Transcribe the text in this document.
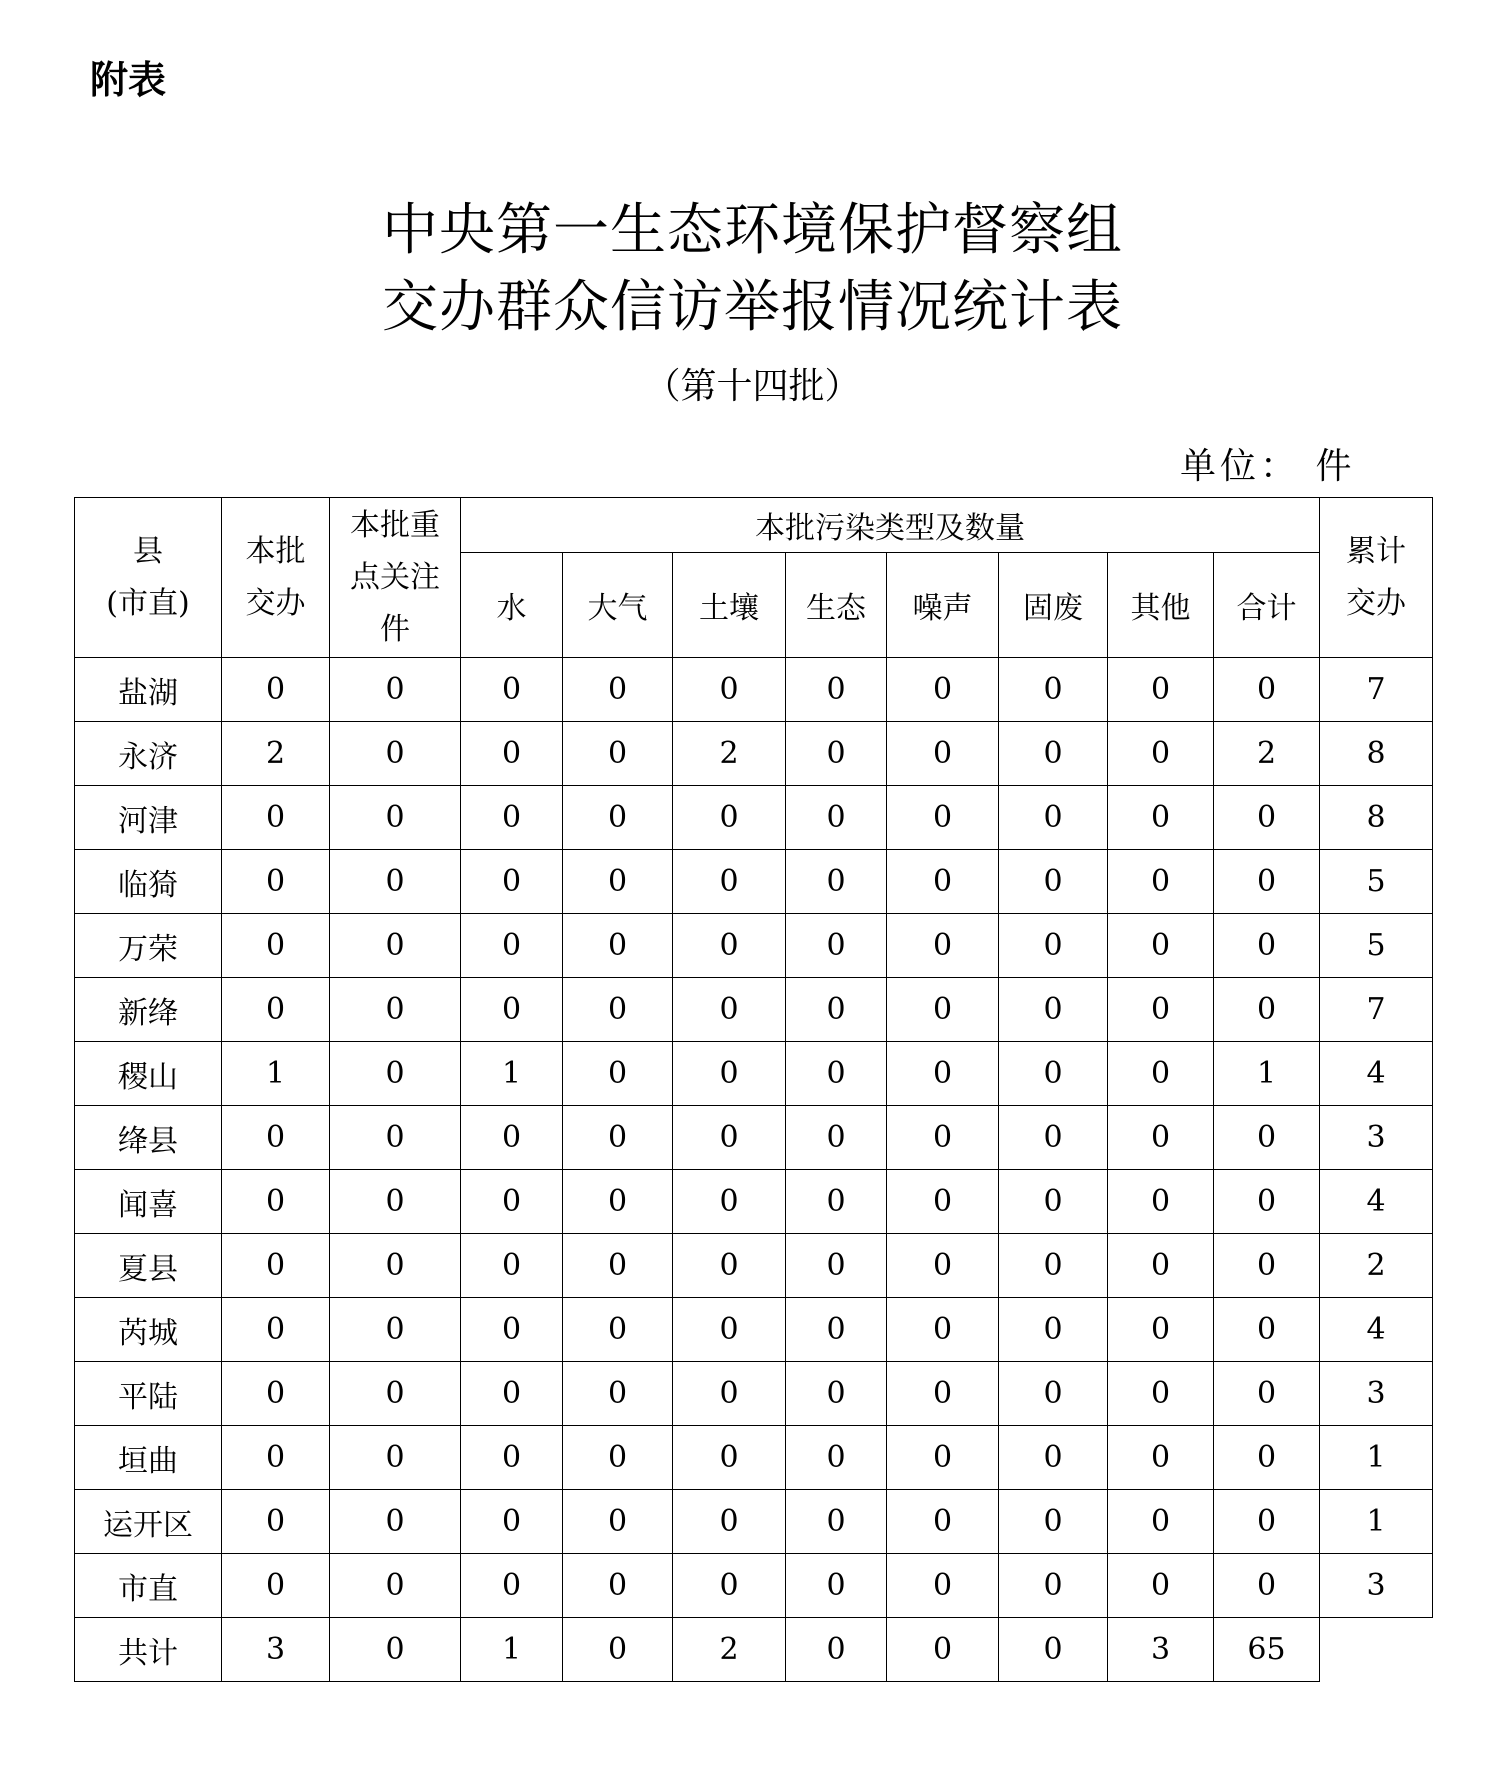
附表
中央第一生态环境保护督察组
交办群众信访举报情况统计表
（第十四批）
单位： 件
县
(市直)	本批交办	本批重点关注件	本批污染类型及数量								累计交办
			水	大气	土壤	生态	噪声	固废	其他	合计	
盐湖	0	0	0	0	0	0	0	0	0	0	7
永济	2	0	0	0	2	0	0	0	0	2	8
河津	0	0	0	0	0	0	0	0	0	0	8
临猗	0	0	0	0	0	0	0	0	0	0	5
万荣	0	0	0	0	0	0	0	0	0	0	5
新绛	0	0	0	0	0	0	0	0	0	0	7
稷山	1	0	1	0	0	0	0	0	0	1	4
绛县	0	0	0	0	0	0	0	0	0	0	3
闻喜	0	0	0	0	0	0	0	0	0	0	4
夏县	0	0	0	0	0	0	0	0	0	0	2
芮城	0	0	0	0	0	0	0	0	0	0	4
平陆	0	0	0	0	0	0	0	0	0	0	3
垣曲	0	0	0	0	0	0	0	0	0	0	1
运开区	0	0	0	0	0	0	0	0	0	0	1
市直	0	0	0	0	0	0	0	0	0	0	3
共计	3	0	1	0	2	0	0	0	3	65	
